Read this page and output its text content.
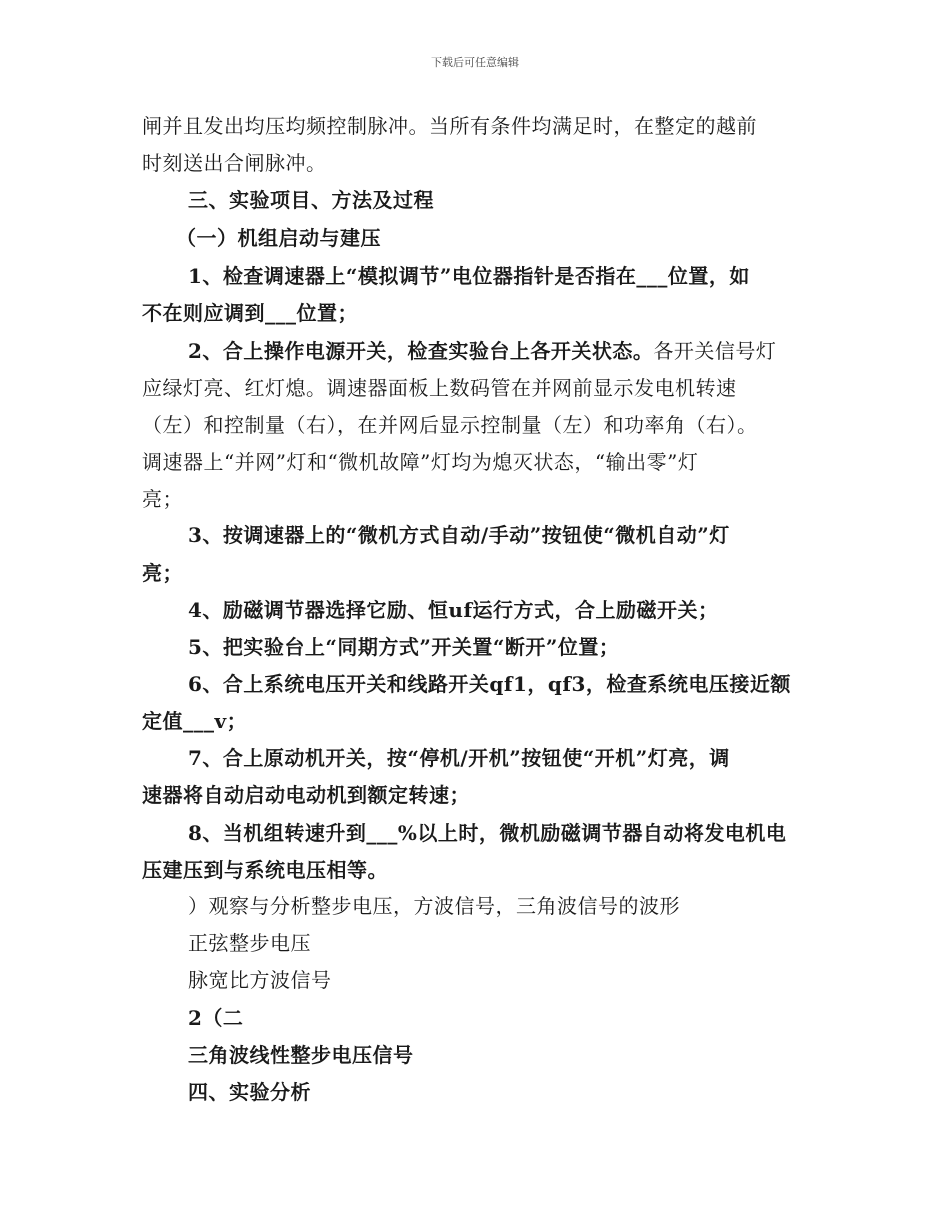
下载后可任意编辑
闸并且发出均压均频控制脉冲。当所有条件均满足时，在整定的越前
时刻送出合闸脉冲。
三、实验项目、方法及过程
（一）机组启动与建压
1、检查调速器上“模拟调节”电位器指针是否指在___位置，如
不在则应调到___位置；
2、合上操作电源开关，检查实验台上各开关状态。各开关信号灯
应绿灯亮、红灯熄。调速器面板上数码管在并网前显示发电机转速
（左）和控制量（右），在并网后显示控制量（左）和功率角（右）。
调速器上“并网”灯和“微机故障”灯均为熄灭状态，“输出零”灯
亮；
3、按调速器上的“微机方式自动/手动”按钮使“微机自动”灯
亮；
4、励磁调节器选择它励、恒uf运行方式，合上励磁开关；
5、把实验台上“同期方式”开关置“断开”位置；
6、合上系统电压开关和线路开关qf1，qf3，检查系统电压接近额
定值___v；
7、合上原动机开关，按“停机/开机”按钮使“开机”灯亮，调
速器将自动启动电动机到额定转速；
8、当机组转速升到___%以上时，微机励磁调节器自动将发电机电
压建压到与系统电压相等。
）观察与分析整步电压，方波信号，三角波信号的波形
正弦整步电压
脉宽比方波信号
2（二
三角波线性整步电压信号
四、实验分析
